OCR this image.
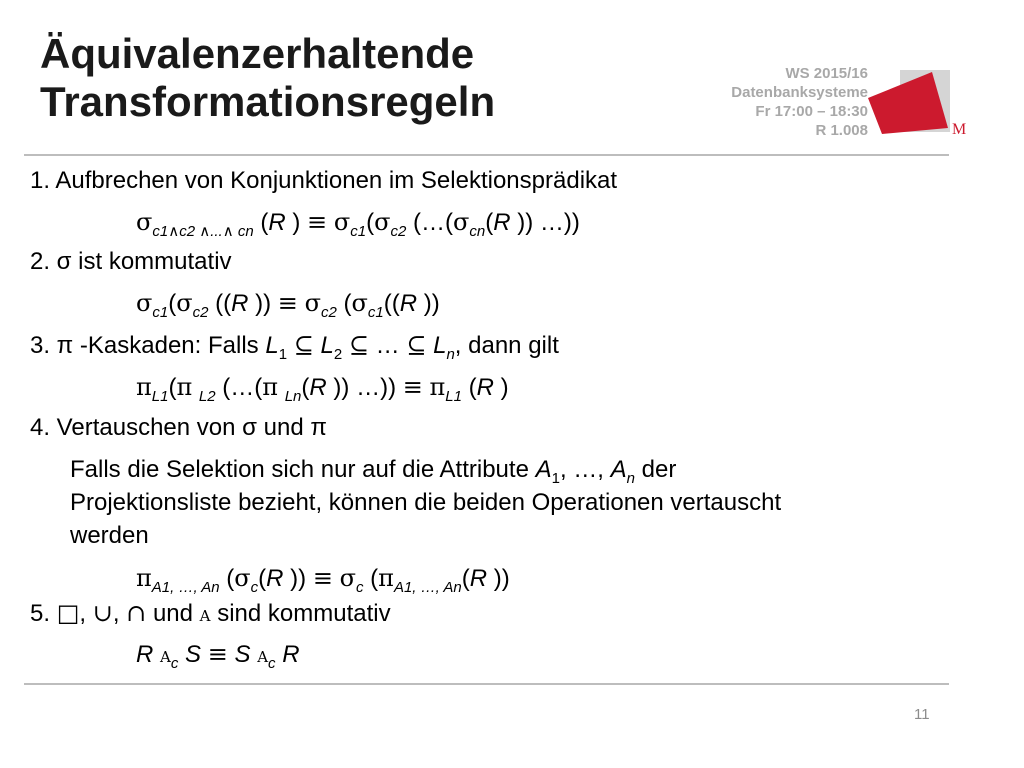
Äquivalenzerhaltende
Transformationsregeln
WS 2015/16
Datenbanksysteme
Fr 17:00 – 18:30
R 1.008	M
1. Aufbrechen von Konjunktionen im Selektionsprädikat
$\sigma_{c1\wedge c2 \wedge...\wedge cn}$ (R ) ≡ $\sigma_{c1}(\sigma_{c2}$ ($\dots(\sigma_{cn}(R$ )) …))
2. σ ist kommutativ
$\sigma_{c1}(\sigma_{c2}$ ((R )) ≡ $\sigma_{c2}$ ($\sigma_{c1}((R$ ))
3. π -Kaskaden: Falls $L_1$ ⊆ $L_2$ ⊆ … ⊆ $L_n$, dann gilt
$\pi_{L1}(\pi$ $_{L2}$ (…(π $_{Ln}$(R )) …)) ≡ $\pi_{L1}$ (R )
4. Vertauschen von σ und π
Falls die Selektion sich nur auf die Attribute $A_1$, …, $A_n$ der
Projektionsliste bezieht, können die beiden Operationen vertauscht
werden
$\pi_{A1, \dots, An}$ ($\sigma_c(R$ )) ≡ $\sigma_c$ ($\pi_{A1, \dots, An}(R$ ))
5. □, ∪, ∩ und A sind kommutativ
R $A_c$ S ≡ S $A_c$ R
11
